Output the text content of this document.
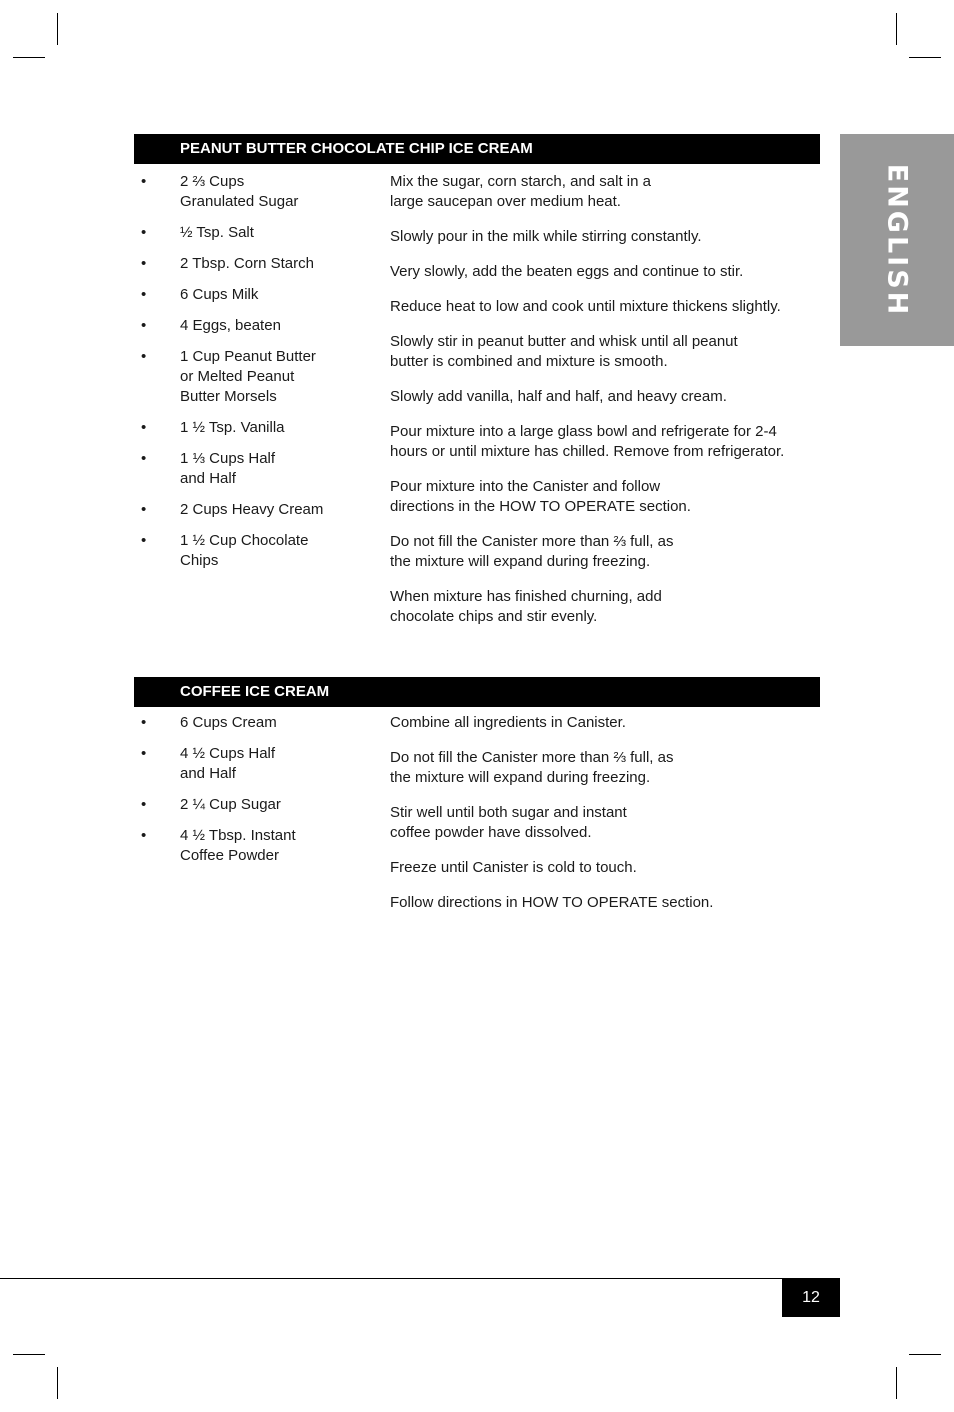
ENGLISH
PEANUT BUTTER CHOCOLATE CHIP ICE CREAM
• 2 ⅔ Cups
Granulated Sugar
• ½ Tsp. Salt
• 2 Tbsp. Corn Starch
• 6 Cups Milk
• 4 Eggs, beaten
• 1 Cup Peanut Butter
or Melted Peanut
Butter Morsels
• 1 ½ Tsp. Vanilla
• 1 ⅓ Cups Half
and Half
• 2 Cups Heavy Cream
• 1 ½ Cup Chocolate
Chips

Mix the sugar, corn starch, and salt in a
large saucepan over medium heat.

Slowly pour in the milk while stirring constantly.

Very slowly, add the beaten eggs and continue to stir.

Reduce heat to low and cook until mixture thickens slightly.

Slowly stir in peanut butter and whisk until all peanut
butter is combined and mixture is smooth.

Slowly add vanilla, half and half, and heavy cream.

Pour mixture into a large glass bowl and refrigerate for 2-4
hours or until mixture has chilled. Remove from refrigerator.

Pour mixture into the Canister and follow
directions in the HOW TO OPERATE section.

Do not fill the Canister more than ⅔ full, as
the mixture will expand during freezing.

When mixture has finished churning, add
chocolate chips and stir evenly.

COFFEE ICE CREAM
• 6 Cups Cream
• 4 ½ Cups Half
and Half
• 2 ¼ Cup Sugar
• 4 ½ Tbsp. Instant
Coffee Powder

Combine all ingredients in Canister.

Do not fill the Canister more than ⅔ full, as
the mixture will expand during freezing.

Stir well until both sugar and instant
coffee powder have dissolved.

Freeze until Canister is cold to touch.

Follow directions in HOW TO OPERATE section.

12
